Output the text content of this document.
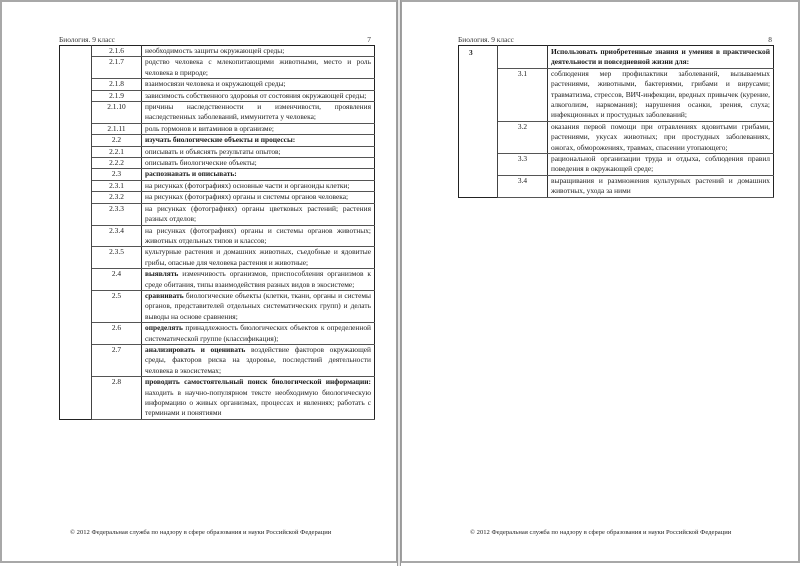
Биология. 9 класс	7
	2.1.6	необходимость защиты окружающей среды;
	2.1.7	родство человека с млекопитающими животными, место и роль человека в природе;
	2.1.8	взаимосвязи человека и окружающей среды;
	2.1.9	зависимость собственного здоровья от состояния окружающей среды;
	2.1.10	причины наследственности и изменчивости, проявления наследственных заболеваний, иммунитета у человека;
	2.1.11	роль гормонов и витаминов в организме;
	2.2	изучать биологические объекты и процессы:
	2.2.1	описывать и объяснять результаты опытов;
	2.2.2	описывать биологические объекты;
	2.3	распознавать и описывать:
	2.3.1	на рисунках (фотографиях) основные части и органоиды клетки;
	2.3.2	на рисунках (фотографиях) органы и системы органов человека;
	2.3.3	на рисунках (фотографиях) органы цветковых растений; растения разных отделов;
	2.3.4	на рисунках (фотографиях) органы и системы органов животных; животных отдельных типов и классов;
	2.3.5	культурные растения и домашних животных, съедобные и ядовитые грибы, опасные для человека растения и животные;
	2.4	выявлять изменчивость организмов, приспособления организмов к среде обитания, типы взаимодействия разных видов в экосистеме;
	2.5	сравнивать биологические объекты (клетки, ткани, органы и системы органов, представителей отдельных систематических групп) и делать выводы на основе сравнения;
	2.6	определять принадлежность биологических объектов к определенной систематической группе (классификация);
	2.7	анализировать и оценивать воздействие факторов окружающей среды, факторов риска на здоровье, последствий деятельности человека в экосистемах;
	2.8	проводить самостоятельный поиск биологической информации: находить в научно-популярном тексте необходимую биологическую информацию о живых организмах, процессах и явлениях; работать с терминами и понятиями
© 2012 Федеральная служба по надзору в сфере образования и науки Российской Федерации
Биология. 9 класс	8
3		Использовать приобретенные знания и умения в практической деятельности и повседневной жизни для:
	3.1	соблюдения мер профилактики заболеваний, вызываемых растениями, животными, бактериями, грибами и вирусами; травматизма, стрессов, ВИЧ-инфекции, вредных привычек (курение, алкоголизм, наркомания); нарушения осанки, зрения, слуха; инфекционных и простудных заболеваний;
	3.2	оказания первой помощи при отравлениях ядовитыми грибами, растениями, укусах животных; при простудных заболеваниях, ожогах, обморожениях, травмах, спасении утопающего;
	3.3	рациональной организации труда и отдыха, соблюдения правил поведения в окружающей среде;
	3.4	выращивания и размножения культурных растений и домашних животных, ухода за ними
© 2012 Федеральная служба по надзору в сфере образования и науки Российской Федерации
